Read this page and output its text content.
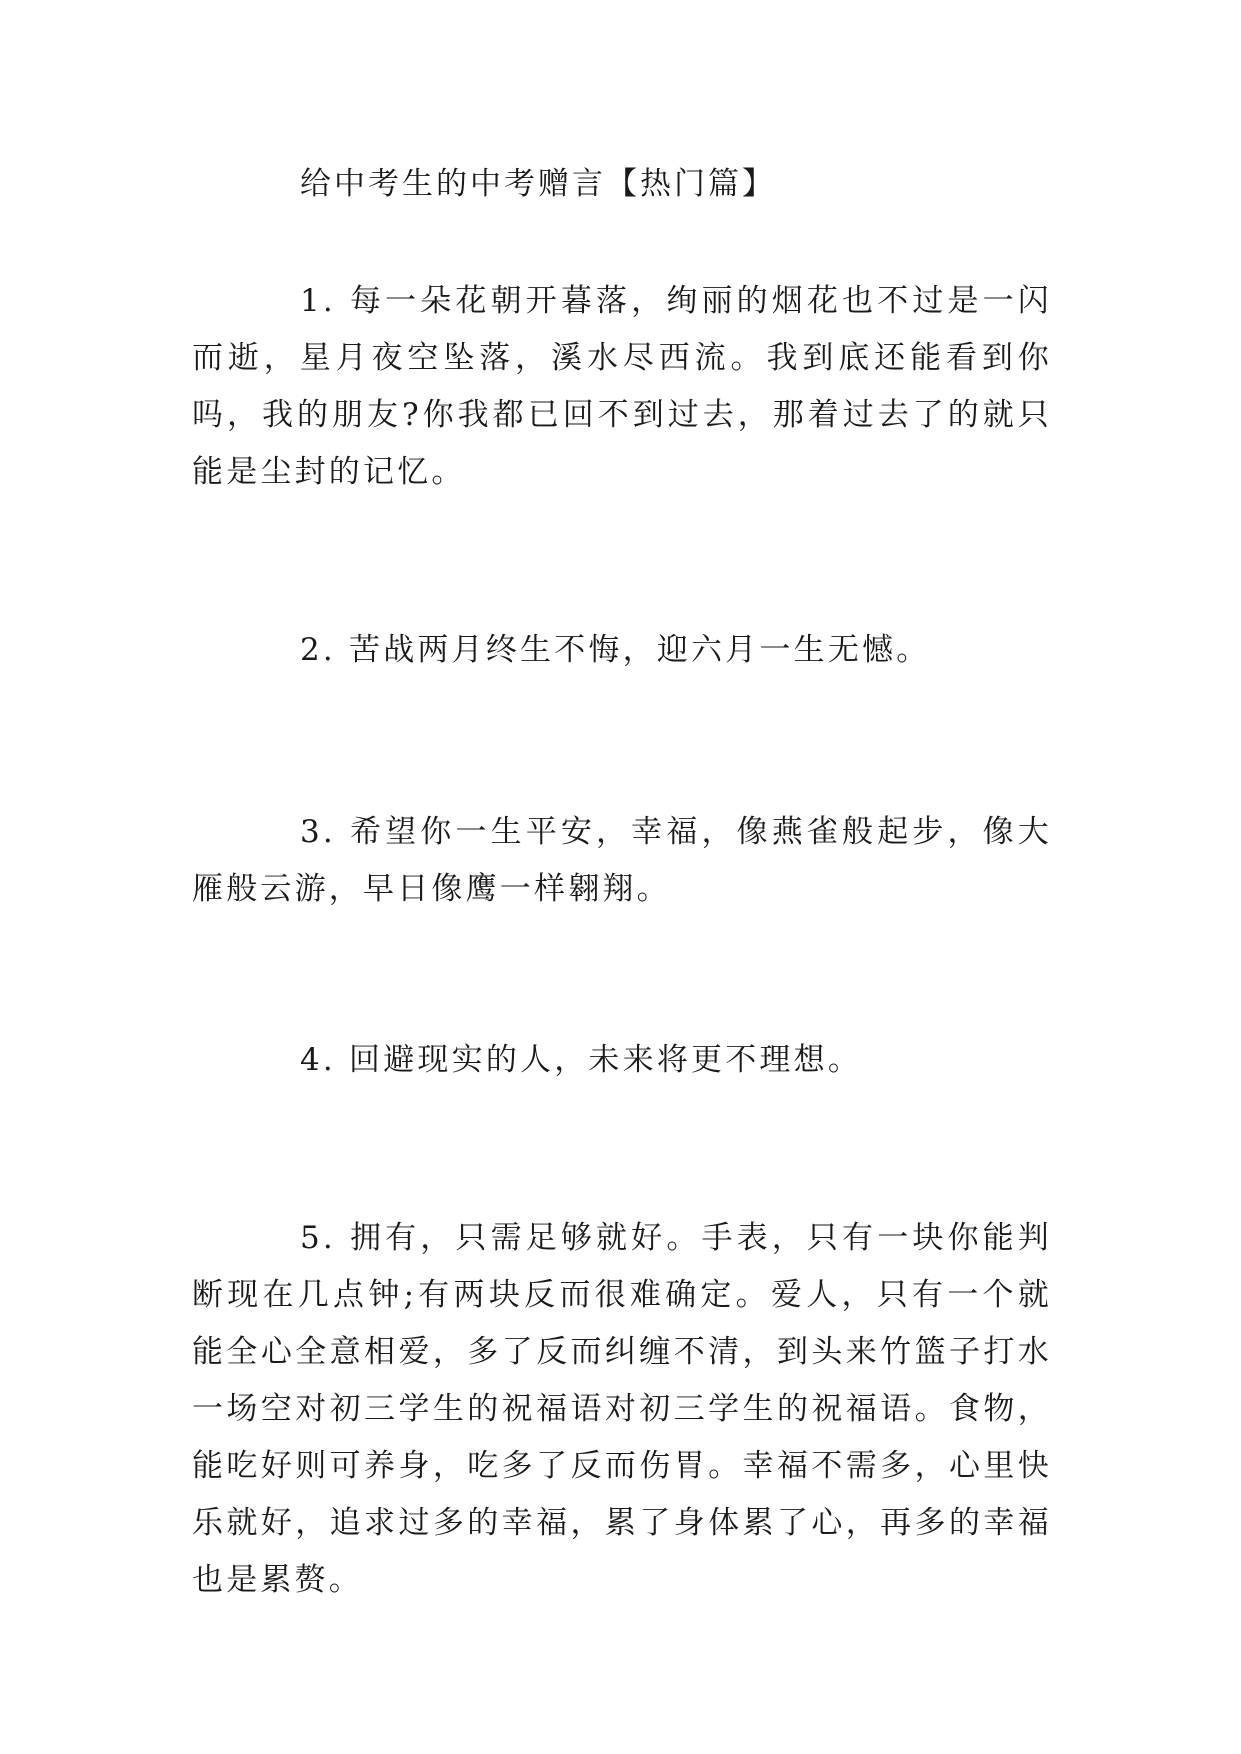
给中考生的中考赠言【热门篇】

1. 每一朵花朝开暮落，绚丽的烟花也不过是一闪而逝，星月夜空坠落，溪水尽西流。我到底还能看到你吗，我的朋友?你我都已回不到过去，那着过去了的就只能是尘封的记忆。

2. 苦战两月终生不悔，迎六月一生无憾。

3. 希望你一生平安，幸福，像燕雀般起步，像大雁般云游，早日像鹰一样翱翔。

4. 回避现实的人，未来将更不理想。

5. 拥有，只需足够就好。手表，只有一块你能判断现在几点钟;有两块反而很难确定。爱人，只有一个就能全心全意相爱，多了反而纠缠不清，到头来竹篮子打水一场空对初三学生的祝福语对初三学生的祝福语。食物，能吃好则可养身，吃多了反而伤胃。幸福不需多，心里快乐就好，追求过多的幸福，累了身体累了心，再多的幸福也是累赘。
